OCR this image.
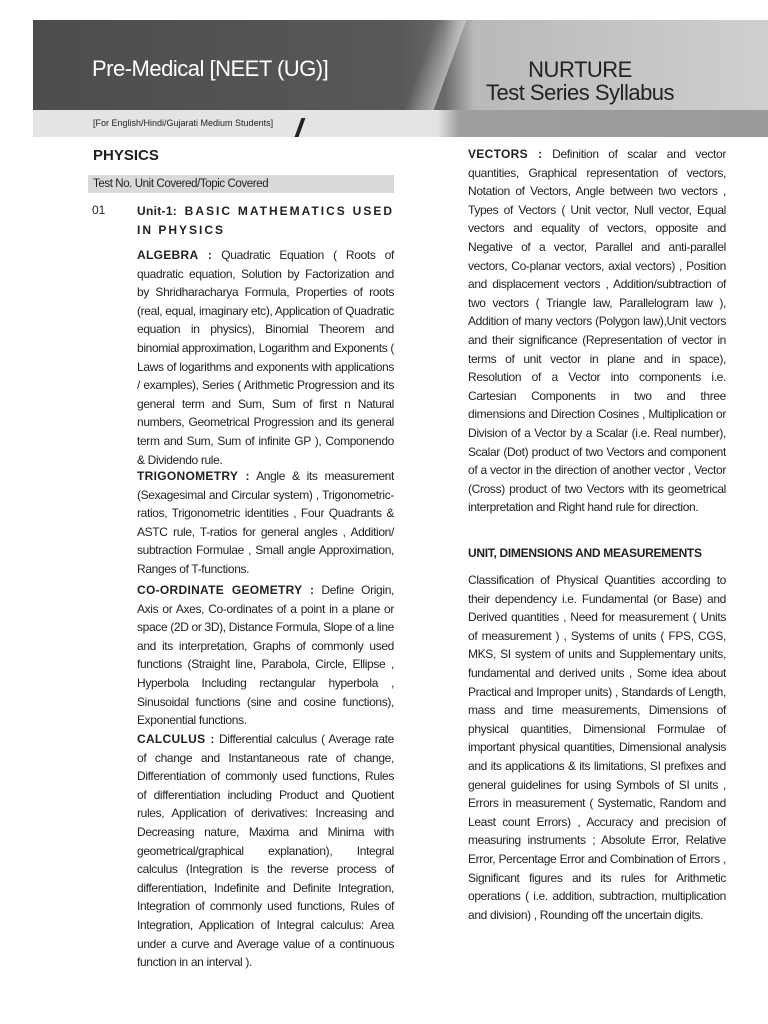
Pre-Medical [NEET (UG)]	NURTURE
Test Series Syllabus
[For English/Hindi/Gujarati Medium Students]
PHYSICS
Test No. Unit Covered/Topic Covered
01	Unit-1: BASIC MATHEMATICS USED IN PHYSICS
ALGEBRA : Quadratic Equation ( Roots of quadratic equation, Solution by Factorization and by Shridharacharya Formula, Properties of roots (real, equal, imaginary etc), Application of Quadratic equation in physics), Binomial Theorem and binomial approximation, Logarithm and Exponents ( Laws of logarithms and exponents with applications / examples), Series ( Arithmetic Progression and its general term and Sum, Sum of first n Natural numbers, Geometrical Progression and its general term and Sum, Sum of infinite GP ), Componendo & Dividendo rule.
TRIGONOMETRY : Angle & its measurement (Sexagesimal and Circular system) , Trigonometric-ratios, Trigonometric identities , Four Quadrants & ASTC rule, T-ratios for general angles , Addition/ subtraction Formulae , Small angle Approximation, Ranges of T-functions.
CO-ORDINATE GEOMETRY : Define Origin, Axis or Axes, Co-ordinates of a point in a plane or space (2D or 3D), Distance Formula, Slope of a line and its interpretation, Graphs of commonly used functions (Straight line, Parabola, Circle, Ellipse , Hyperbola Including rectangular hyperbola , Sinusoidal functions (sine and cosine functions), Exponential functions.
CALCULUS : Differential calculus ( Average rate of change and Instantaneous rate of change, Differentiation of commonly used functions, Rules of differentiation including Product and Quotient rules, Application of derivatives: Increasing and Decreasing nature, Maxima and Minima with geometrical/graphical explanation), Integral calculus (Integration is the reverse process of differentiation, Indefinite and Definite Integration, Integration of commonly used functions, Rules of Integration, Application of Integral calculus: Area under a curve and Average value of a continuous function in an interval ).
VECTORS : Definition of scalar and vector quantities, Graphical representation of vectors, Notation of Vectors, Angle between two vectors , Types of Vectors ( Unit vector, Null vector, Equal vectors and equality of vectors, opposite and Negative of a vector, Parallel and anti-parallel vectors, Co-planar vectors, axial vectors) , Position and displacement vectors , Addition/subtraction of two vectors ( Triangle law, Parallelogram law ), Addition of many vectors (Polygon law),Unit vectors and their significance (Representation of vector in terms of unit vector in plane and in space), Resolution of a Vector into components i.e. Cartesian Components in two and three dimensions and Direction Cosines , Multiplication or Division of a Vector by a Scalar (i.e. Real number), Scalar (Dot) product of two Vectors and component of a vector in the direction of another vector , Vector (Cross) product of two Vectors with its geometrical interpretation and Right hand rule for direction.
UNIT, DIMENSIONS AND MEASUREMENTS
Classification of Physical Quantities according to their dependency i.e. Fundamental (or Base) and Derived quantities , Need for measurement ( Units of measurement ) , Systems of units ( FPS, CGS, MKS, SI system of units and Supplementary units, fundamental and derived units , Some idea about Practical and Improper units) , Standards of Length, mass and time measurements, Dimensions of physical quantities, Dimensional Formulae of important physical quantities, Dimensional analysis and its applications & its limitations, SI prefixes and general guidelines for using Symbols of SI units , Errors in measurement ( Systematic, Random and Least count Errors) , Accuracy and precision of measuring instruments ; Absolute Error, Relative Error, Percentage Error and Combination of Errors , Significant figures and its rules for Arithmetic operations ( i.e. addition, subtraction, multiplication and division) , Rounding off the uncertain digits.
